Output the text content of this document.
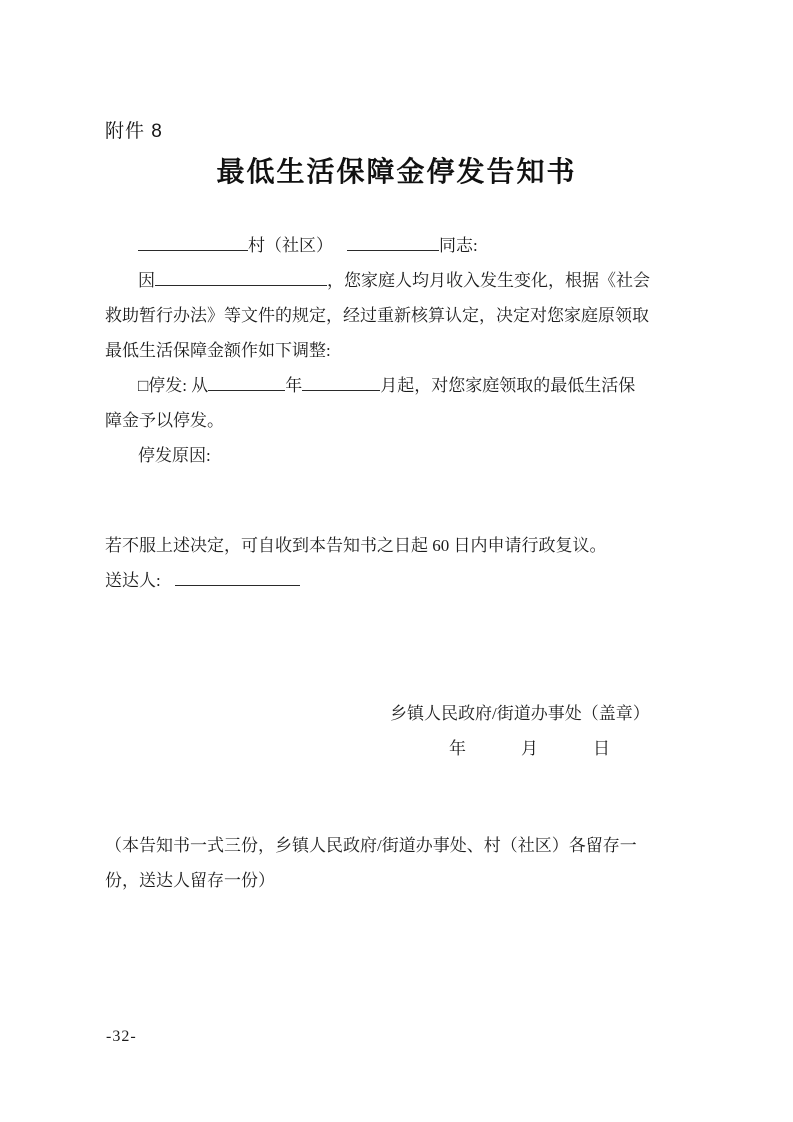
附件 8
最低生活保障金停发告知书
村（社区）	同志:
因	，您家庭人均月收入发生变化，根据《社会
救助暂行办法》等文件的规定，经过重新核算认定，决定对您家庭原领取
最低生活保障金额作如下调整:
□停发: 从	年	月起，对您家庭领取的最低生活保
障金予以停发。
停发原因:
若不服上述决定，可自收到本告知书之日起 60 日内申请行政复议。
送达人:
乡镇人民政府/街道办事处（盖章）
年　　　月　　　日
（本告知书一式三份，乡镇人民政府/街道办事处、村（社区）各留存一
份，送达人留存一份）
-32-
